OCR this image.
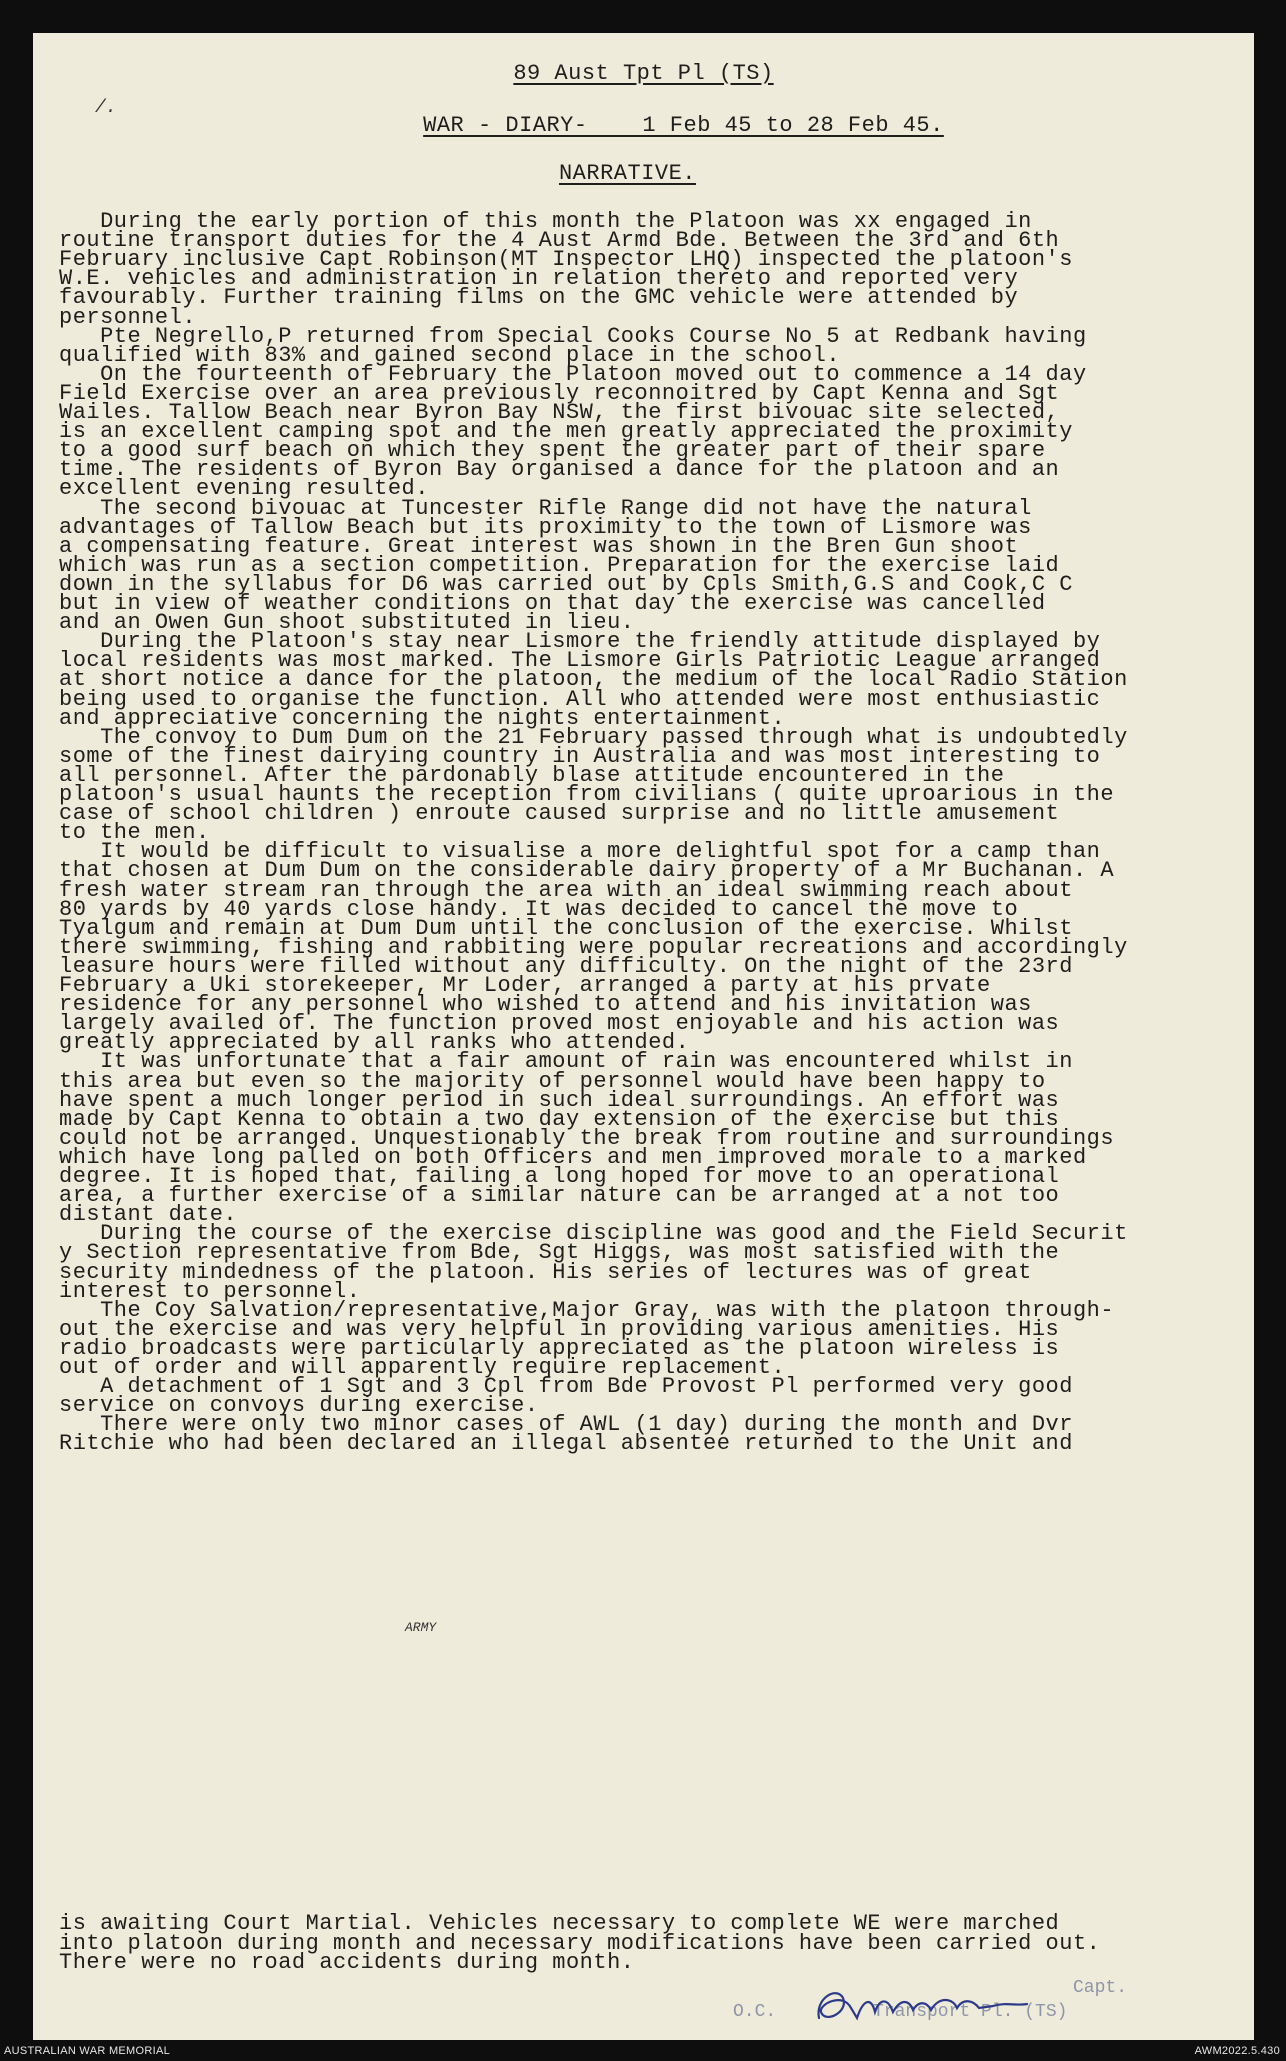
89 Aust Tpt Pl (TS)

WAR - DIARY-    1 Feb 45 to 28 Feb 45.

NARRATIVE.

/.

During the early portion of this month the Platoon was xx engaged in

routine transport duties for the 4 Aust Armd Bde. Between the 3rd and 6th

February inclusive Capt Robinson(MT Inspector LHQ) inspected the platoon's

W.E. vehicles and administration in relation thereto and reported very

favourably. Further training films on the GMC vehicle were attended by

personnel.

Pte Negrello,P returned from Special Cooks Course No 5 at Redbank having

qualified with 83% and gained second place in the school.

On the fourteenth of February the Platoon moved out to commence a 14 day

Field Exercise over an area previously reconnoitred by Capt Kenna and Sgt

Wailes. Tallow Beach near Byron Bay NSW, the first bivouac site selected,

is an excellent camping spot and the men greatly appreciated the proximity

to a good surf beach on which they spent the greater part of their spare

time. The residents of Byron Bay organised a dance for the platoon and an

excellent evening resulted.

The second bivouac at Tuncester Rifle Range did not have the natural

advantages of Tallow Beach but its proximity to the town of Lismore was

a compensating feature. Great interest was shown in the Bren Gun shoot

which was run as a section competition. Preparation for the exercise laid

down in the syllabus for D6 was carried out by Cpls Smith,G.S and Cook,C C

but in view of weather conditions on that day the exercise was cancelled

and an Owen Gun shoot substituted in lieu.

During the Platoon's stay near Lismore the friendly attitude displayed by

local residents was most marked. The Lismore Girls Patriotic League arranged

at short notice a dance for the platoon, the medium of the local Radio Station

being used to organise the function. All who attended were most enthusiastic

and appreciative concerning the nights entertainment.

The convoy to Dum Dum on the 21 February passed through what is undoubtedly

some of the finest dairying country in Australia and was most interesting to

all personnel. After the pardonably blase attitude encountered in the

platoon's usual haunts the reception from civilians ( quite uproarious in the

case of school children ) enroute caused surprise and no little amusement

to the men.

It would be difficult to visualise a more delightful spot for a camp than

that chosen at Dum Dum on the considerable dairy property of a Mr Buchanan. A

fresh water stream ran through the area with an ideal swimming reach about

80 yards by 40 yards close handy. It was decided to cancel the move to

Tyalgum and remain at Dum Dum until the conclusion of the exercise. Whilst

there swimming, fishing and rabbiting were popular recreations and accordingly

leasure hours were filled without any difficulty. On the night of the 23rd

February a Uki storekeeper, Mr Loder, arranged a party at his prvate

residence for any personnel who wished to attend and his invitation was

largely availed of. The function proved most enjoyable and his action was

greatly appreciated by all ranks who attended.

It was unfortunate that a fair amount of rain was encountered whilst in

this area but even so the majority of personnel would have been happy to

have spent a much longer period in such ideal surroundings. An effort was

made by Capt Kenna to obtain a two day extension of the exercise but this

could not be arranged. Unquestionably the break from routine and surroundings

which have long palled on both Officers and men improved morale to a marked

degree. It is hoped that, failing a long hoped for move to an operational

area, a further exercise of a similar nature can be arranged at a not too

distant date.

During the course of the exercise discipline was good and the Field Securit

y Section representative from Bde, Sgt Higgs, was most satisfied with the

security mindedness of the platoon. His series of lectures was of great

interest to personnel.

The Coy Salvation/representative,Major Gray, was with the platoon through-

out the exercise and was very helpful in providing various amenities. His

radio broadcasts were particularly appreciated as the platoon wireless is

out of order and will apparently require replacement.

A detachment of 1 Sgt and 3 Cpl from Bde Provost Pl performed very good

service on convoys during exercise.

There were only two minor cases of AWL (1 day) during the month and Dvr

Ritchie who had been declared an illegal absentee returned to the Unit and

is awaiting Court Martial. Vehicles necessary to complete WE were marched

into platoon during month and necessary modifications have been carried out.

There were no road accidents during month.

ARMY
O.C.	Transport Pl. (TS)
Capt.
AUSTRALIAN WAR MEMORIAL	AWM2022.5.430
